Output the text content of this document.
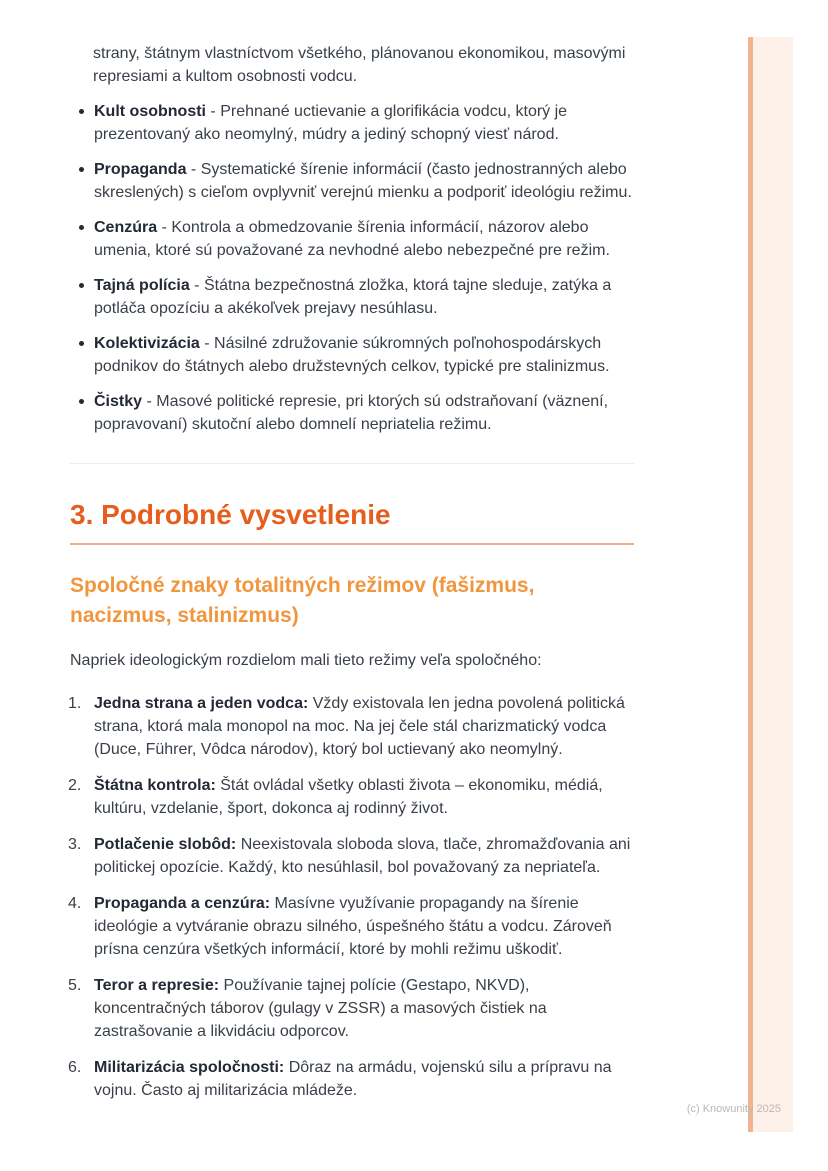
strany, štátnym vlastníctvom všetkého, plánovanou ekonomikou, masovými represiami a kultom osobnosti vodcu.

Kult osobnosti - Prehnané uctievanie a glorifikácia vodcu, ktorý je prezentovaný ako neomylný, múdry a jediný schopný viesť národ.
Propaganda - Systematické šírenie informácií (často jednostranných alebo skreslených) s cieľom ovplyvniť verejnú mienku a podporiť ideológiu režimu.
Cenzúra - Kontrola a obmedzovanie šírenia informácií, názorov alebo umenia, ktoré sú považované za nevhodné alebo nebezpečné pre režim.
Tajná polícia - Štátna bezpečnostná zložka, ktorá tajne sleduje, zatýka a potláča opozíciu a akékoľvek prejavy nesúhlasu.
Kolektivizácia - Násilné združovanie súkromných poľnohospodárskych podnikov do štátnych alebo družstevných celkov, typické pre stalinizmus.
Čistky - Masové politické represie, pri ktorých sú odstraňovaní (väznení, popravovaní) skutoční alebo domnelí nepriatelia režimu.
3. Podrobné vysvetlenie
Spoločné znaky totalitných režimov (fašizmus, nacizmus, stalinizmus)

Napriek ideologickým rozdielom mali tieto režimy veľa spoločného:

1. Jedna strana a jeden vodca: Vždy existovala len jedna povolená politická strana, ktorá mala monopol na moc. Na jej čele stál charizmatický vodca (Duce, Führer, Vôdca národov), ktorý bol uctievaný ako neomylný.
2. Štátna kontrola: Štát ovládal všetky oblasti života – ekonomiku, médiá, kultúru, vzdelanie, šport, dokonca aj rodinný život.
3. Potlačenie slobôd: Neexistovala sloboda slova, tlače, zhromažďovania ani politickej opozície. Každý, kto nesúhlasil, bol považovaný za nepriateľa.
4. Propaganda a cenzúra: Masívne využívanie propagandy na šírenie ideológie a vytváranie obrazu silného, úspešného štátu a vodcu. Zároveň prísna cenzúra všetkých informácií, ktoré by mohli režimu uškodiť.
5. Teror a represie: Používanie tajnej polície (Gestapo, NKVD), koncentračných táborov (gulagy v ZSSR) a masových čistiek na zastrašovanie a likvidáciu odporcov.
6. Militarizácia spoločnosti: Dôraz na armádu, vojenskú silu a prípravu na vojnu. Často aj militarizácia mládeže.
(c) Knowunity 2025
